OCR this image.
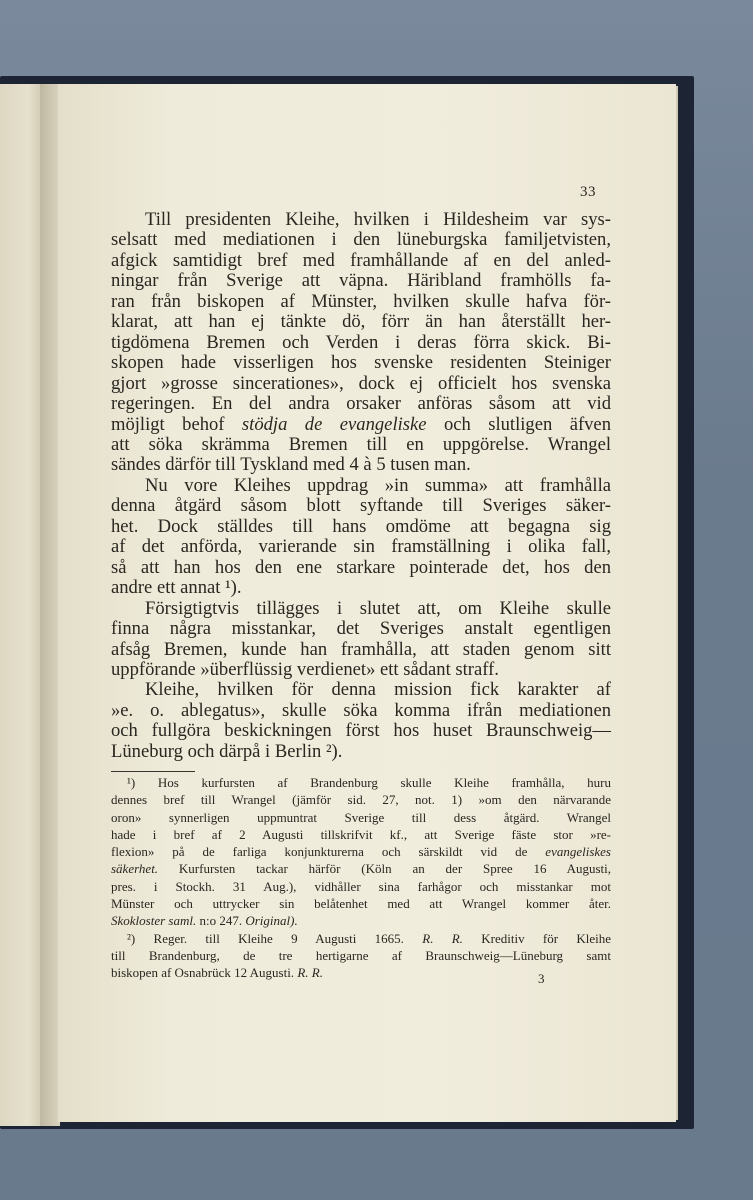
33
Till presidenten Kleihe, hvilken i Hildesheim var sys-
selsatt med mediationen i den lüneburgska familjetvisten,
afgick samtidigt bref med framhållande af en del anled-
ningar från Sverige att väpna. Häribland framhölls fa-
ran från biskopen af Münster, hvilken skulle hafva för-
klarat, att han ej tänkte dö, förr än han återställt her-
tigdömena Bremen och Verden i deras förra skick. Bi-
skopen hade visserligen hos svenske residenten Steiniger
gjort »grosse sincerationes», dock ej officielt hos svenska
regeringen. En del andra orsaker anföras såsom att vid
möjligt behof stödja de evangeliske och slutligen äfven
att söka skrämma Bremen till en uppgörelse. Wrangel
sändes därför till Tyskland med 4 à 5 tusen man.
Nu vore Kleihes uppdrag »in summa» att framhålla
denna åtgärd såsom blott syftande till Sveriges säker-
het. Dock ställdes till hans omdöme att begagna sig
af det anförda, varierande sin framställning i olika fall,
så att han hos den ene starkare pointerade det, hos den
andre ett annat ¹).
Försigtigtvis tillägges i slutet att, om Kleihe skulle
finna några misstankar, det Sveriges anstalt egentligen
afsåg Bremen, kunde han framhålla, att staden genom sitt
uppförande »überflüssig verdienet» ett sådant straff.
Kleihe, hvilken för denna mission fick karakter af
»e. o. ablegatus», skulle söka komma ifrån mediationen
och fullgöra beskickningen först hos huset Braunschweig—
Lüneburg och därpå i Berlin ²).
¹) Hos kurfursten af Brandenburg skulle Kleihe framhålla, huru
dennes bref till Wrangel (jämför sid. 27, not. 1) »om den närvarande
oron» synnerligen uppmuntrat Sverige till dess åtgärd. Wrangel
hade i bref af 2 Augusti tillskrifvit kf., att Sverige fäste stor »re-
flexion» på de farliga konjunkturerna och särskildt vid de evangeliskes
säkerhet. Kurfursten tackar härför (Köln an der Spree 16 Augusti,
pres. i Stockh. 31 Aug.), vidhåller sina farhågor och misstankar mot
Münster och uttrycker sin belåtenhet med att Wrangel kommer åter.
Skokloster saml. n:o 247. Original).
²) Reger. till Kleihe 9 Augusti 1665. R. R. Kreditiv för Kleihe
till Brandenburg, de tre hertigarne af Braunschweig—Lüneburg samt
biskopen af Osnabrück 12 Augusti. R. R.	3
